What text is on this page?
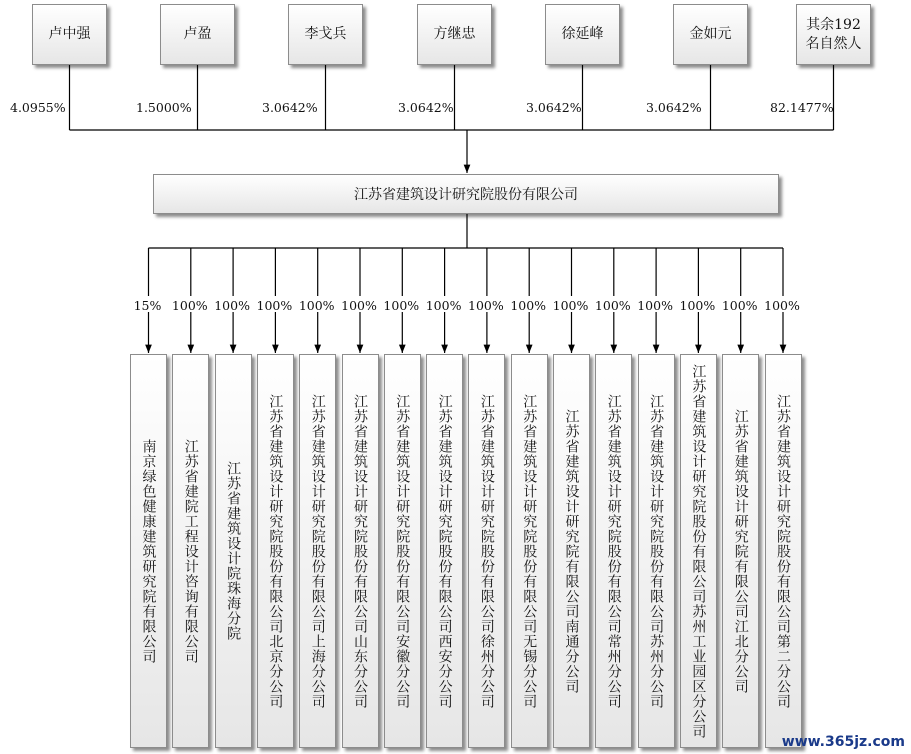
卢中强
4.0955%
卢盈
1.5000%
李戈兵
3.0642%
方继忠
3.0642%
徐延峰
3.0642%
金如元
3.0642%
其余192名自然人
82.1477%
江苏省建筑设计研究院股份有限公司
15% 100% 100% 100% 100% 100% 100% 100% 100% 100% 100% 100% 100% 100% 100% 100%
南京绿色健康建筑研究院有限公司	江苏省建院工程设计咨询有限公司	江苏省建筑设计院珠海分院	江苏省建筑设计研究院股份有限公司北京分公司	江苏省建筑设计研究院股份有限公司上海分公司	江苏省建筑设计研究院股份有限公司山东分公司	江苏省建筑设计研究院股份有限公司安徽分公司	江苏省建筑设计研究院股份有限公司西安分公司	江苏省建筑设计研究院股份有限公司徐州分公司	江苏省建筑设计研究院股份有限公司无锡分公司	江苏省建筑设计研究院有限公司南通分公司	江苏省建筑设计研究院股份有限公司常州分公司	江苏省建筑设计研究院股份有限公司苏州分公司	江苏省建筑设计研究院股份有限公司苏州工业园区分公司	江苏省建筑设计研究院有限公司江北分公司	江苏省建筑设计研究院股份有限公司第二分公司
www.365jz.com
